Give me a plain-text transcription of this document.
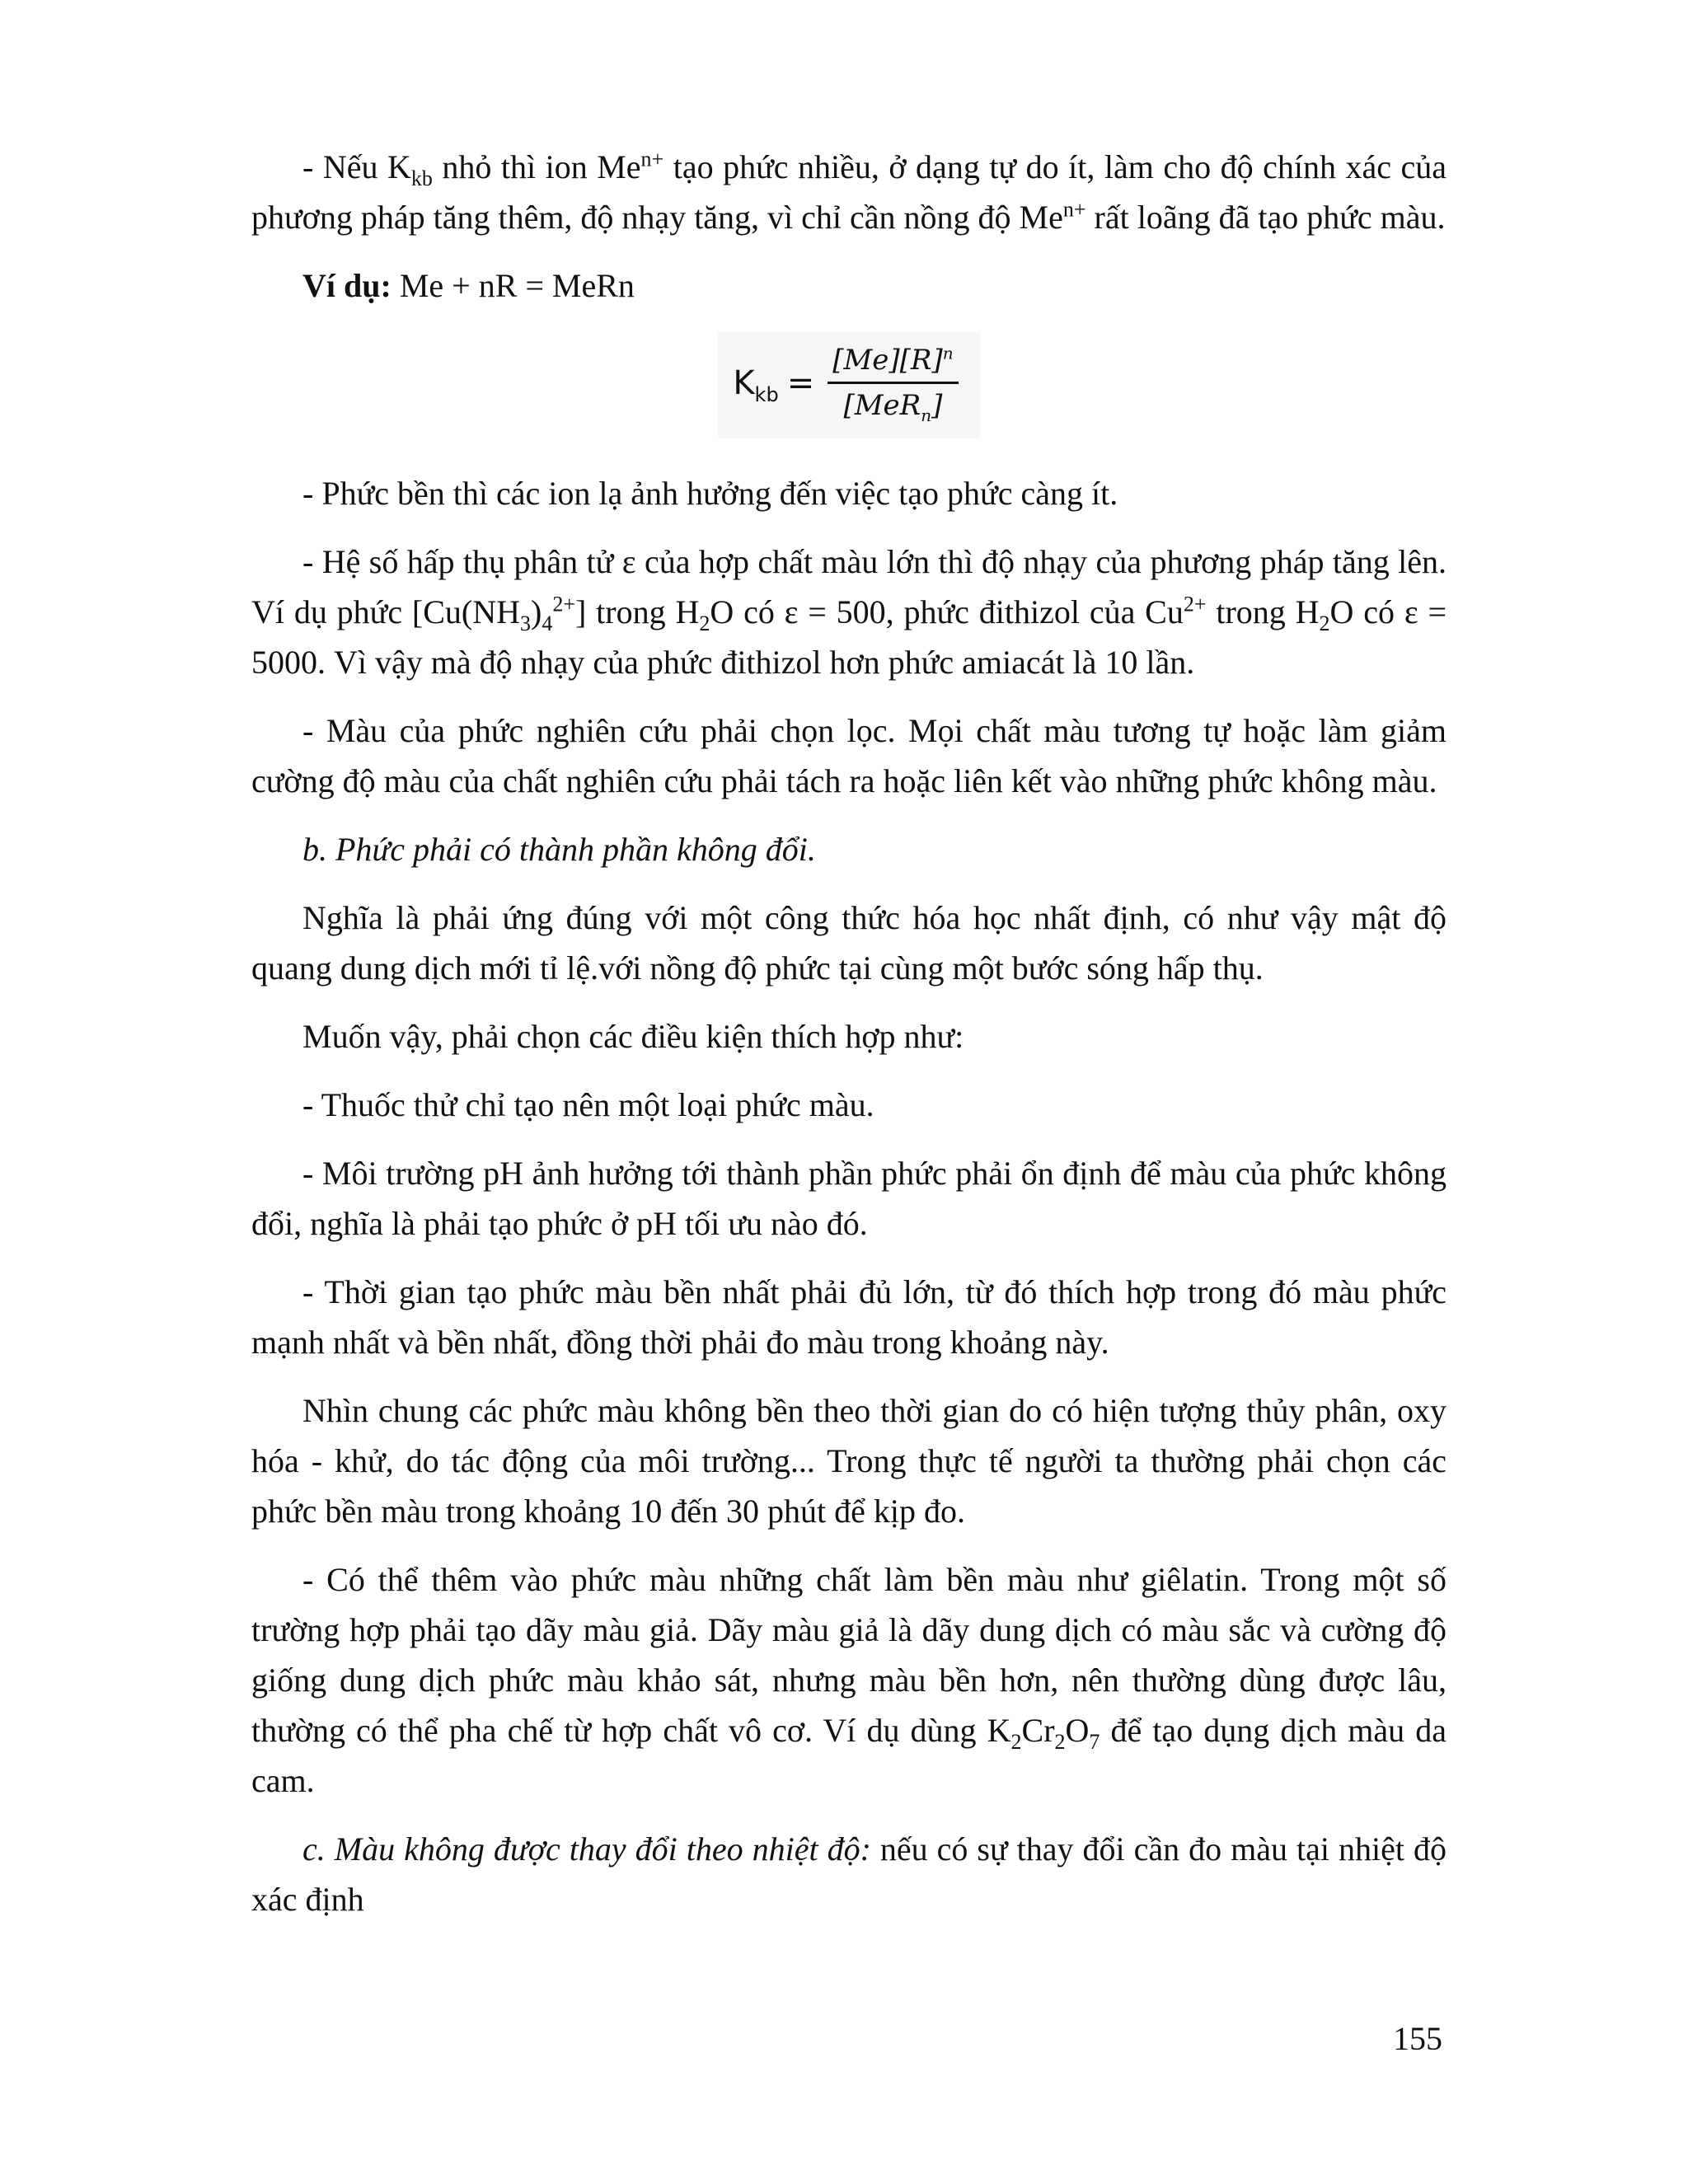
- Nếu $K_{kb}$ nhỏ thì ion $Me^{n+}$ tạo phức nhiều, ở dạng tự do ít, làm cho độ chính xác của phương pháp tăng thêm, độ nhạy tăng, vì chỉ cần nồng độ $Me^{n+}$ rất loãng đã tạo phức màu.

Ví dụ: Me + nR = MeRn

$K_{kb} = \frac{[Me][R]^n}{[MeR_n]}$

- Phức bền thì các ion lạ ảnh hưởng đến việc tạo phức càng ít.

- Hệ số hấp thụ phân tử ε của hợp chất màu lớn thì độ nhạy của phương pháp tăng lên. Ví dụ phức $[Cu(NH_3)_4^{2+}]$ trong $H_2O$ có ε = 500, phức đithizol của $Cu^{2+}$ trong $H_2O$ có ε = 5000. Vì vậy mà độ nhạy của phức đithizol hơn phức amiacát là 10 lần.

- Màu của phức nghiên cứu phải chọn lọc. Mọi chất màu tương tự hoặc làm giảm cường độ màu của chất nghiên cứu phải tách ra hoặc liên kết vào những phức không màu.

b. Phức phải có thành phần không đổi.

Nghĩa là phải ứng đúng với một công thức hóa học nhất định, có như vậy mật độ quang dung dịch mới tỉ lệ.với nồng độ phức tại cùng một bước sóng hấp thụ.

Muốn vậy, phải chọn các điều kiện thích hợp như:

- Thuốc thử chỉ tạo nên một loại phức màu.

- Môi trường pH ảnh hưởng tới thành phần phức phải ổn định để màu của phức không đổi, nghĩa là phải tạo phức ở pH tối ưu nào đó.

- Thời gian tạo phức màu bền nhất phải đủ lớn, từ đó thích hợp trong đó màu phức mạnh nhất và bền nhất, đồng thời phải đo màu trong khoảng này.

Nhìn chung các phức màu không bền theo thời gian do có hiện tượng thủy phân, oxy hóa - khử, do tác động của môi trường... Trong thực tế người ta thường phải chọn các phức bền màu trong khoảng 10 đến 30 phút để kịp đo.

- Có thể thêm vào phức màu những chất làm bền màu như giêlatin. Trong một số trường hợp phải tạo dãy màu giả. Dãy màu giả là dãy dung dịch có màu sắc và cường độ giống dung dịch phức màu khảo sát, nhưng màu bền hơn, nên thường dùng được lâu, thường có thể pha chế từ hợp chất vô cơ. Ví dụ dùng $K_2Cr_2O_7$ để tạo dụng dịch màu da cam.

c. Màu không được thay đổi theo nhiệt độ: nếu có sự thay đổi cần đo màu tại nhiệt độ xác định

155
